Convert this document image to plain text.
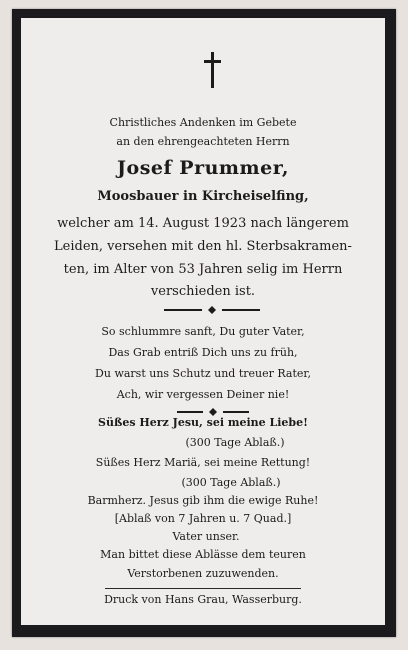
Christliches Andenken im Gebete
an den ehrengeachteten Herrn
Josef Prummer,
Moosbauer in Kircheiselfing,
welcher am 14. August 1923 nach längerem
Leiden, versehen mit den hl. Sterbsakramen-
ten, im Alter von 53 Jahren selig im Herrn
verschieden ist.
So schlummre sanft, Du guter Vater,
Das Grab entriß Dich uns zu früh,
Du warst uns Schutz und treuer Rater,
Ach, wir vergessen Deiner nie!
Süßes Herz Jesu, sei meine Liebe!
(300 Tage Ablaß.)
Süßes Herz Mariä, sei meine Rettung!
(300 Tage Ablaß.)
Barmherz. Jesus gib ihm die ewige Ruhe!
[Ablaß von 7 Jahren u. 7 Quad.]
Vater unser.
Man bittet diese Ablässe dem teuren
Verstorbenen zuzuwenden.
Druck von Hans Grau, Wasserburg.
